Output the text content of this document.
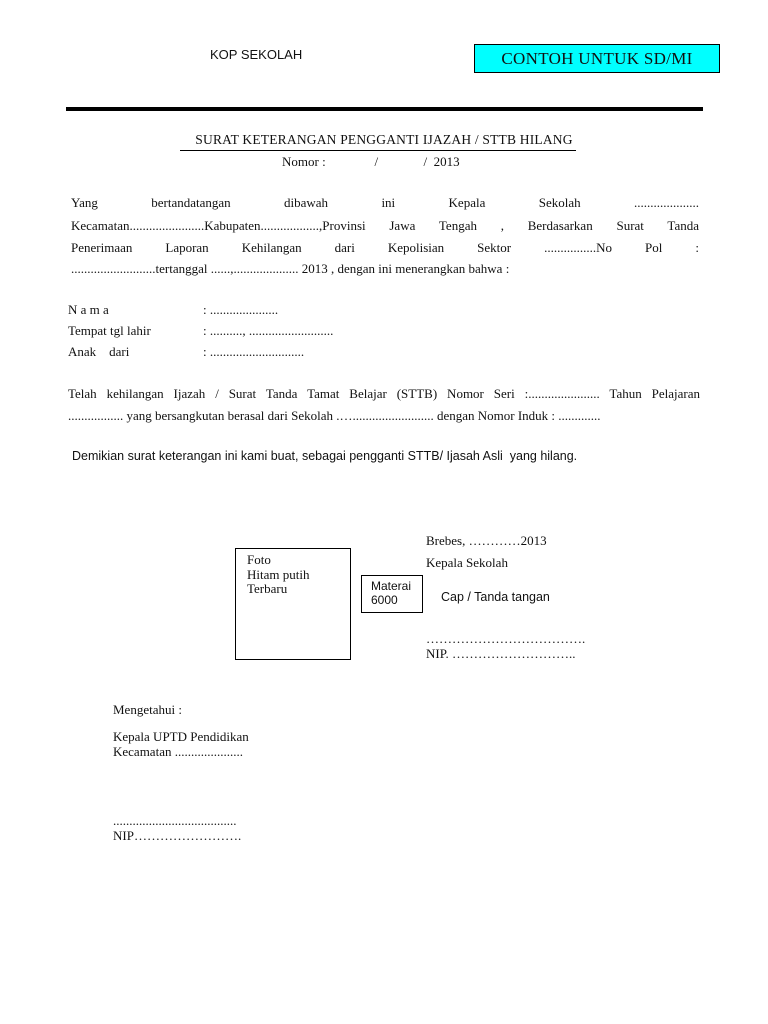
KOP SEKOLAH	CONTOH UNTUK SD/MI
SURAT KETERANGAN PENGGANTI IJAZAH / STTB HILANG
Nomor :               /              /  2013
Yang bertandatangan dibawah ini Kepala Sekolah ....................
Kecamatan.......................Kabupaten..................,Provinsi Jawa Tengah , Berdasarkan Surat Tanda
Penerimaan Laporan Kehilangan dari Kepolisian Sektor ................No Pol :
..........................tertanggal ......,.................... 2013 , dengan ini menerangkan bahwa :
N a m a	: .....................
Tempat tgl lahir	: .........., ..........................
Anak    dari	: .............................
Telah kehilangan Ijazah / Surat Tanda Tamat Belajar (STTB) Nomor Seri :...................... Tahun Pelajaran
................. yang bersangkutan berasal dari Sekolah .…......................... dengan Nomor Induk : .............
Demikian surat keterangan ini kami buat, sebagai pengganti STTB/ Ijasah Asli  yang hilang.
Brebes, …………2013
Kepala Sekolah
Cap / Tanda tangan
……………………………….
NIP. ………………………..
Foto
Hitam putih
Terbaru	Materai
6000
Mengetahui :
Kepala UPTD Pendidikan
Kecamatan .....................
......................................
NIP…………………….
